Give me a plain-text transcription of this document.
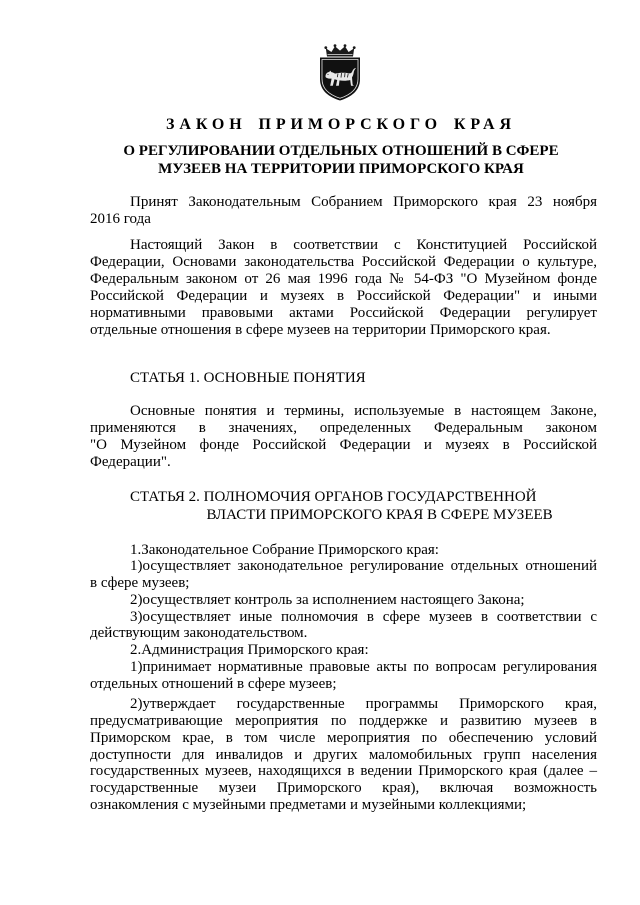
ЗАКОН ПРИМОРСКОГО КРАЯ
О РЕГУЛИРОВАНИИ ОТДЕЛЬНЫХ ОТНОШЕНИЙ В СФЕРЕ
МУЗЕЕВ НА ТЕРРИТОРИИ ПРИМОРСКОГО КРАЯ
Принят Законодательным Собранием Приморского края 23 ноября
2016 года
Настоящий Закон в соответствии с Конституцией Российской
Федерации, Основами законодательства Российской Федерации о культуре,
Федеральным законом от 26 мая 1996 года № 54-ФЗ "О Музейном фонде
Российской Федерации и музеях в Российской Федерации" и иными
нормативными правовыми актами Российской Федерации регулирует
отдельные отношения в сфере музеев на территории Приморского края.
СТАТЬЯ 1. ОСНОВНЫЕ ПОНЯТИЯ
Основные понятия и термины, используемые в настоящем Законе,
применяются в значениях, определенных Федеральным законом
"О Музейном фонде Российской Федерации и музеях в Российской
Федерации".
СТАТЬЯ 2. ПОЛНОМОЧИЯ ОРГАНОВ ГОСУДАРСТВЕННОЙ
ВЛАСТИ ПРИМОРСКОГО КРАЯ В СФЕРЕ МУЗЕЕВ
1.Законодательное Собрание Приморского края:
1)осуществляет законодательное регулирование отдельных отношений
в сфере музеев;
2)осуществляет контроль за исполнением настоящего Закона;
3)осуществляет иные полномочия в сфере музеев в соответствии с
действующим законодательством.
2.Администрация Приморского края:
1)принимает нормативные правовые акты по вопросам регулирования
отдельных отношений в сфере музеев;
2)утверждает государственные программы Приморского края,
предусматривающие мероприятия по поддержке и развитию музеев в
Приморском крае, в том числе мероприятия по обеспечению условий
доступности для инвалидов и других маломобильных групп населения
государственных музеев, находящихся в ведении Приморского края (далее –
государственные музеи Приморского края), включая возможность
ознакомления с музейными предметами и музейными коллекциями;
